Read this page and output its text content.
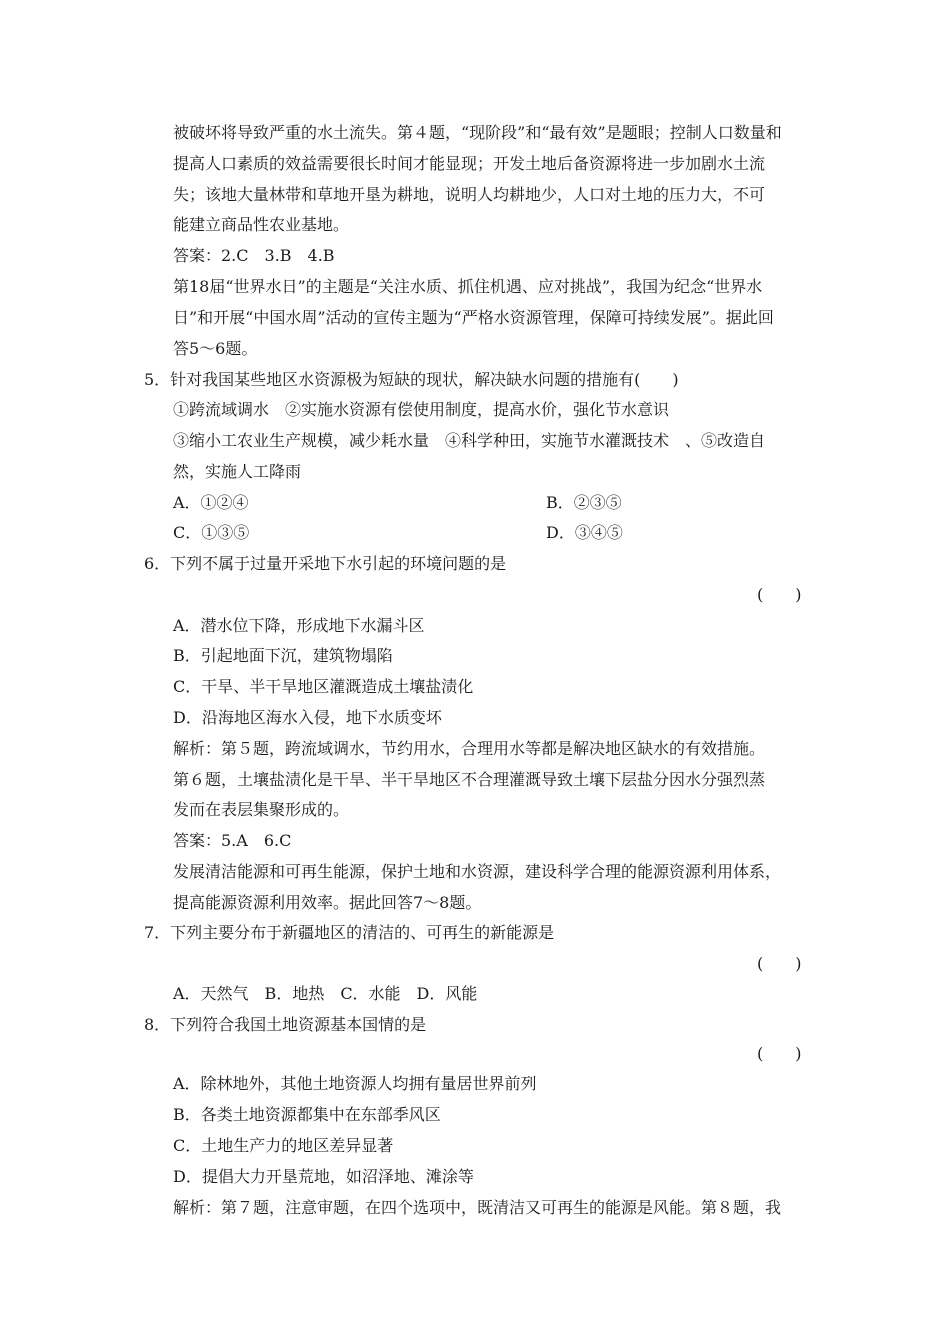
被破坏将导致严重的水土流失。第４题，“现阶段”和“最有效”是题眼；控制人口数量和
提高人口素质的效益需要很长时间才能显现；开发土地后备资源将进一步加剧水土流
失；该地大量林带和草地开垦为耕地，说明人均耕地少，人口对土地的压力大，不可
能建立商品性农业基地。
答案：2.C　3.B　4.B
第18届“世界水日”的主题是“关注水质、抓住机遇、应对挑战”，我国为纪念“世界水
日”和开展“中国水周”活动的宣传主题为“严格水资源管理，保障可持续发展”。据此回
答5～6题。
5．针对我国某些地区水资源极为短缺的现状，解决缺水问题的措施有(　　)
①跨流域调水　②实施水资源有偿使用制度，提高水价，强化节水意识
③缩小工农业生产规模，减少耗水量　④科学种田，实施节水灌溉技术　、⑤改造自
然，实施人工降雨
A．①②④	B．②③⑤
C．①③⑤	D．③④⑤
6．下列不属于过量开采地下水引起的环境问题的是
(　　)
A．潜水位下降，形成地下水漏斗区
B．引起地面下沉，建筑物塌陷
C．干旱、半干旱地区灌溉造成土壤盐渍化
D．沿海地区海水入侵，地下水质变坏
解析：第５题，跨流域调水，节约用水，合理用水等都是解决地区缺水的有效措施。
第６题，土壤盐渍化是干旱、半干旱地区不合理灌溉导致土壤下层盐分因水分强烈蒸
发而在表层集聚形成的。
答案：5.A　6.C
发展清洁能源和可再生能源，保护土地和水资源，建设科学合理的能源资源利用体系，
提高能源资源利用效率。据此回答7～8题。
7．下列主要分布于新疆地区的清洁的、可再生的新能源是
(　　)
A．天然气　B．地热　C．水能　D．风能
8．下列符合我国土地资源基本国情的是
(　　)
A．除林地外，其他土地资源人均拥有量居世界前列
B．各类土地资源都集中在东部季风区
C．土地生产力的地区差异显著
D．提倡大力开垦荒地，如沼泽地、滩涂等
解析：第７题，注意审题，在四个选项中，既清洁又可再生的能源是风能。第８题，我
